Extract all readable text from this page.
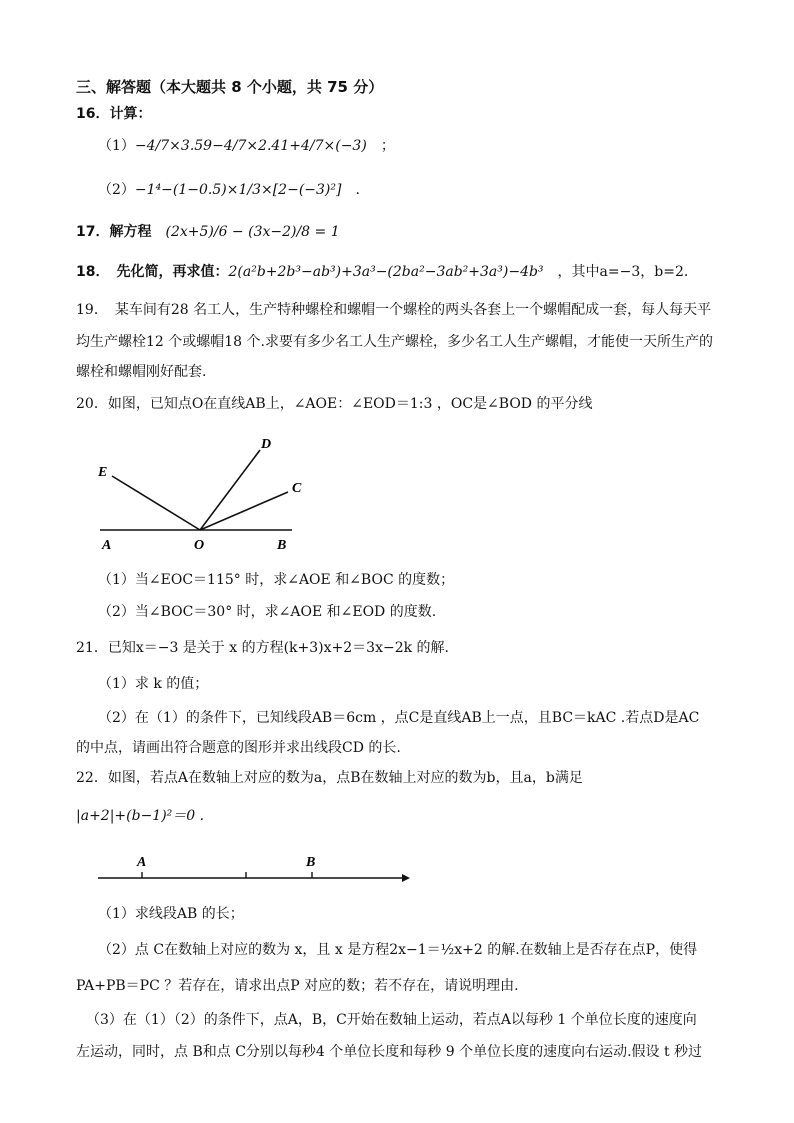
三、解答题（本大题共 8 个小题，共 75 分）
16．计算：
（1）−4/7×3.59−4/7×2.41+4/7×(−3)　 ；
（2）−1⁴−(1−0.5)×1/3×[2−(−3)²]　 .
17．解方程　 (2x+5)/6 − (3x−2)/8 = 1
18．　先化简，再求值：2(a²b+2b³−ab³)+3a³−(2ba²−3ab²+3a³)−4b³　 ，其中a=−3，b=2.
19．　某车间有28 名工人，生产特种螺栓和螺帽一个螺栓的两头各套上一个螺帽配成一套，每人每天平
均生产螺栓12 个或螺帽18 个.求要有多少名工人生产螺栓，多少名工人生产螺帽，才能使一天所生产的
螺栓和螺帽刚好配套.
20．如图，已知点O在直线AB上，∠AOE：∠EOD＝1:3 ，OC是∠BOD 的平分线
E
D
C
A	O	B
（1）当∠EOC＝115° 时，求∠AOE 和∠BOC 的度数；
（2）当∠BOC＝30° 时，求∠AOE 和∠EOD 的度数.
21．已知x＝−3 是关于 x 的方程(k+3)x+2＝3x−2k 的解.
（1）求 k 的值；
（2）在（1）的条件下，已知线段AB＝6cm ，点C是直线AB上一点，且BC＝kAC .若点D是AC
的中点，请画出符合题意的图形并求出线段CD 的长.
22．如图，若点A在数轴上对应的数为a，点B在数轴上对应的数为b，且a，b满足
|a+2|+(b−1)²＝0 .
A	B
（1）求线段AB 的长；
（2）点 C在数轴上对应的数为 x，且 x 是方程2x−1＝½x+2 的解.在数轴上是否存在点P，使得
PA+PB＝PC ？若存在，请求出点P 对应的数；若不存在，请说明理由.
（3）在（1）（2）的条件下，点A，B，C开始在数轴上运动，若点A以每秒 1 个单位长度的速度向
左运动，同时，点 B和点 C分别以每秒4 个单位长度和每秒 9 个单位长度的速度向右运动.假设 t 秒过
